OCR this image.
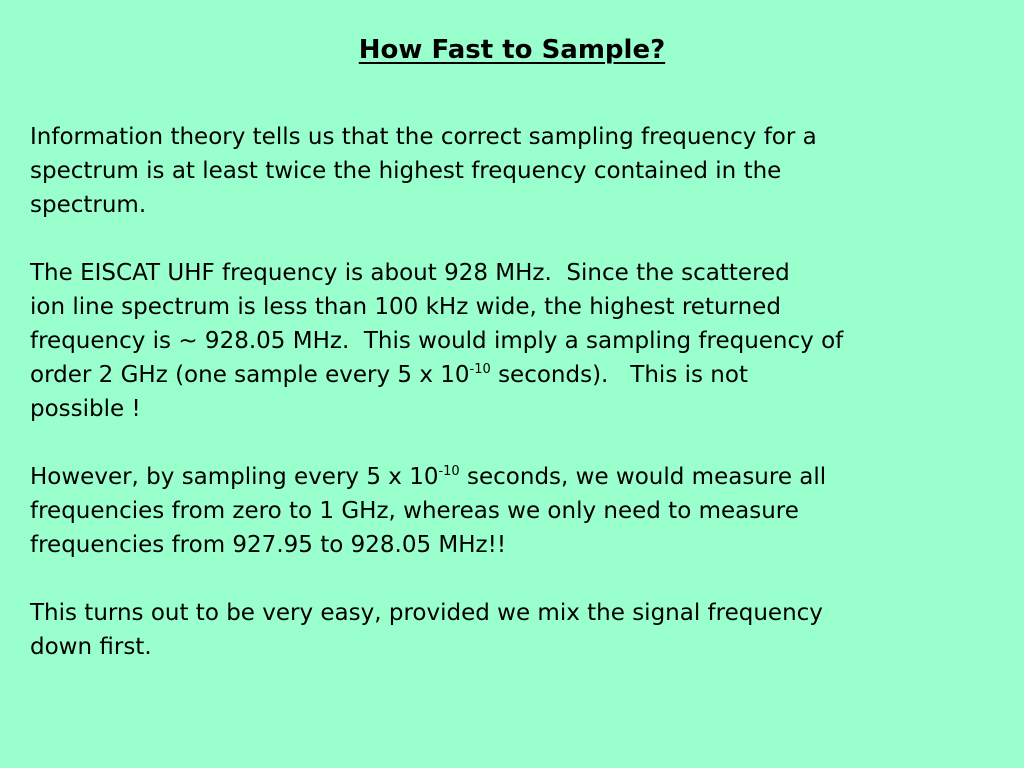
How Fast to Sample?
Information theory tells us that the correct sampling frequency for a
spectrum is at least twice the highest frequency contained in the
spectrum.
The EISCAT UHF frequency is about 928 MHz.  Since the scattered
ion line spectrum is less than 100 kHz wide, the highest returned
frequency is ~ 928.05 MHz.  This would imply a sampling frequency of
order 2 GHz (one sample every 5 x $10^{-10}$ seconds).   This is not
possible !
However, by sampling every 5 x $10^{-10}$ seconds, we would measure all
frequencies from zero to 1 GHz, whereas we only need to measure
frequencies from 927.95 to 928.05 MHz!!
This turns out to be very easy, provided we mix the signal frequency
down first.
